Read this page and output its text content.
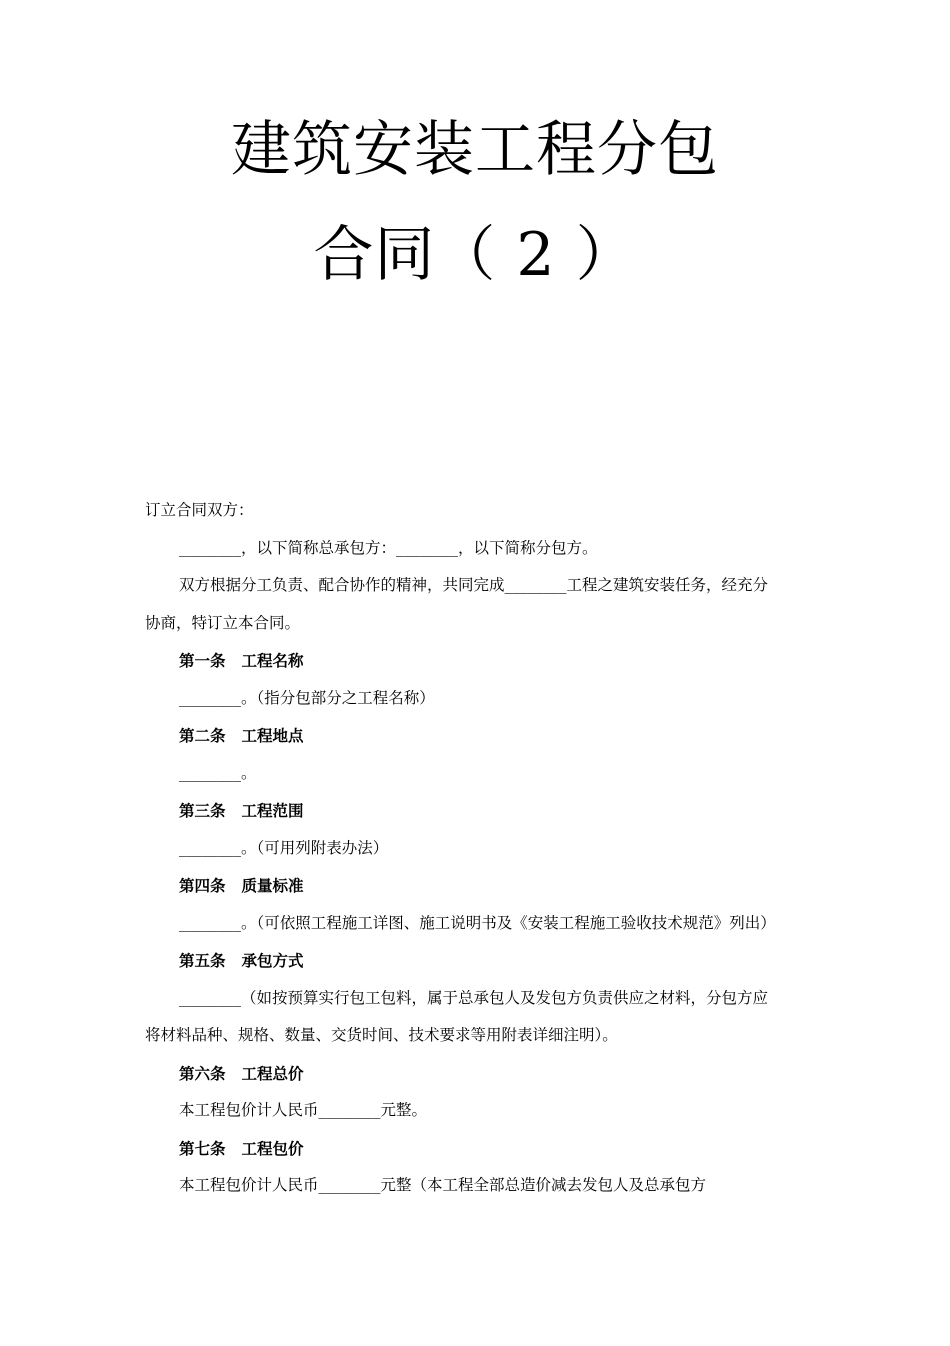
建筑安装工程分包
合同（ 2 ）

订立合同双方：

________，以下简称总承包方：________，以下简称分包方。

双方根据分工负责、配合协作的精神，共同完成________工程之建筑安装任务，经充分

协商，特订立本合同。

第一条 工程名称

________。（指分包部分之工程名称）

第二条 工程地点

________。

第三条 工程范围

________。（可用列附表办法）

第四条 质量标准

________。（可依照工程施工详图、施工说明书及《安装工程施工验收技术规范》列出）

第五条 承包方式

________（如按预算实行包工包料，属于总承包人及发包方负责供应之材料，分包方应

将材料品种、规格、数量、交货时间、技术要求等用附表详细注明）。

第六条 工程总价

本工程包价计人民币________元整。

第七条 工程包价

本工程包价计人民币________元整（本工程全部总造价减去发包人及总承包方
